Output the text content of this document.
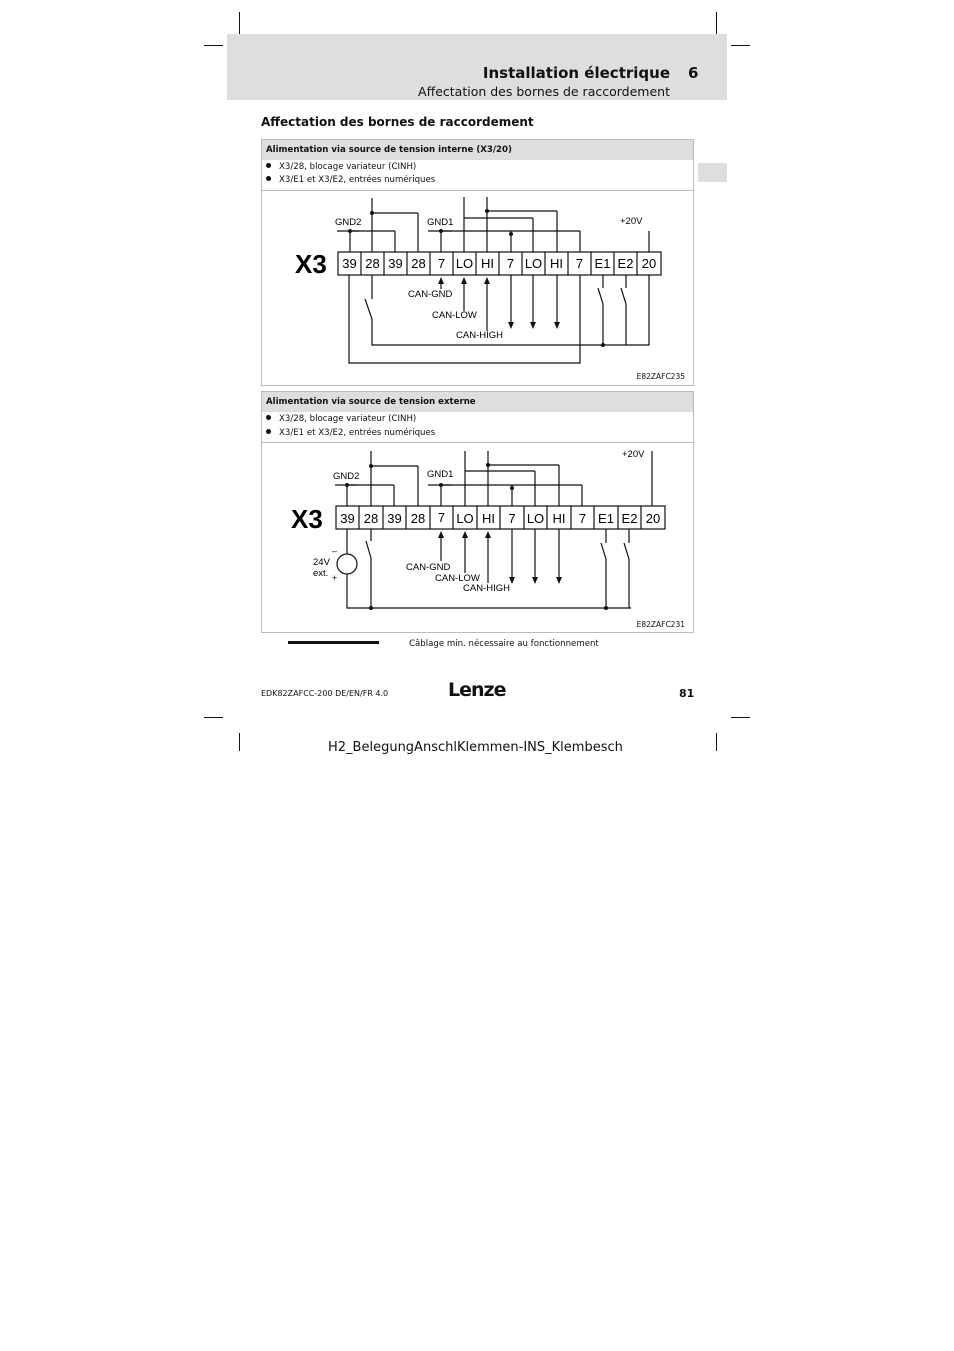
Installation électrique 6
Affectation des bornes de raccordement
Affectation des bornes de raccordement
Alimentation via source de tension interne (X3/20)
X3/28, blocage variateur (CINH)
X3/E1 et X3/E2, entrées numériques
X3
GND2	GND1	+20V
CAN-GND
CAN-LOW
CAN-HIGH
39 28 39 28 7 LO HI 7 LO HI 7 E1 E2 20
E82ZAFC235
Alimentation via source de tension externe
X3/28, blocage variateur (CINH)
X3/E1 et X3/E2, entrées numériques
X3
GND2	GND1
+20V
CAN-GND
CAN-LOW
CAN-HIGH
24V
ext.
–
+
39 28 39 28 7 LO HI 7 LO HI 7 E1 E2 20
E82ZAFC231
Câblage min. nécessaire au fonctionnement
EDK82ZAFCC-200 DE/EN/FR 4.0	Lenze	81
H2_BelegungAnschlKlemmen-INS_Klembesch
